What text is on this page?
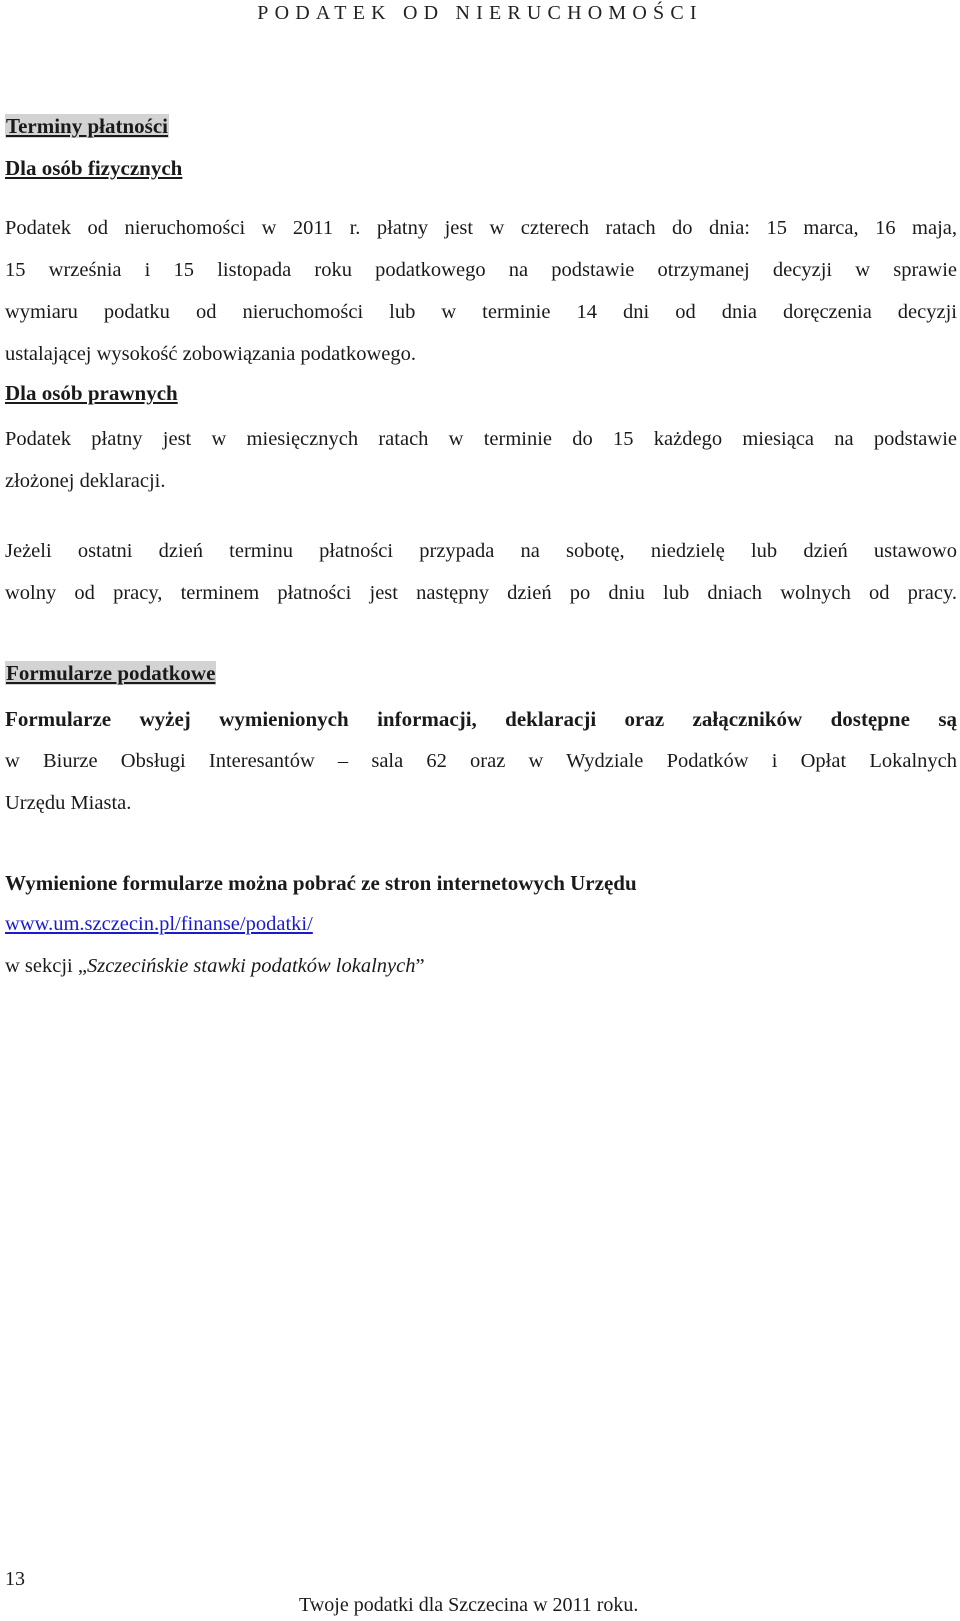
PODATEK OD NIERUCHOMOŚCI
Terminy płatności
Dla osób fizycznych
Podatek od nieruchomości w 2011 r. płatny jest w czterech ratach do dnia: 15 marca, 16 maja,
15 września i 15 listopada roku podatkowego na podstawie otrzymanej decyzji w sprawie
wymiaru podatku od nieruchomości lub w terminie 14 dni od dnia doręczenia decyzji
ustalającej wysokość zobowiązania podatkowego.
Dla osób prawnych
Podatek płatny jest w miesięcznych ratach w terminie do 15 każdego miesiąca na podstawie
złożonej deklaracji.
Jeżeli ostatni dzień terminu płatności przypada na sobotę, niedzielę lub dzień ustawowo
wolny od pracy, terminem płatności jest następny dzień po dniu lub dniach wolnych od pracy.
Formularze podatkowe
Formularze wyżej wymienionych informacji, deklaracji oraz załączników dostępne są
w Biurze Obsługi Interesantów – sala 62 oraz w Wydziale Podatków i Opłat Lokalnych
Urzędu Miasta.
Wymienione formularze można pobrać ze stron internetowych Urzędu
www.um.szczecin.pl/finanse/podatki/
w sekcji „Szczecińskie stawki podatków lokalnych”
13
Twoje podatki dla Szczecina w 2011 roku.
